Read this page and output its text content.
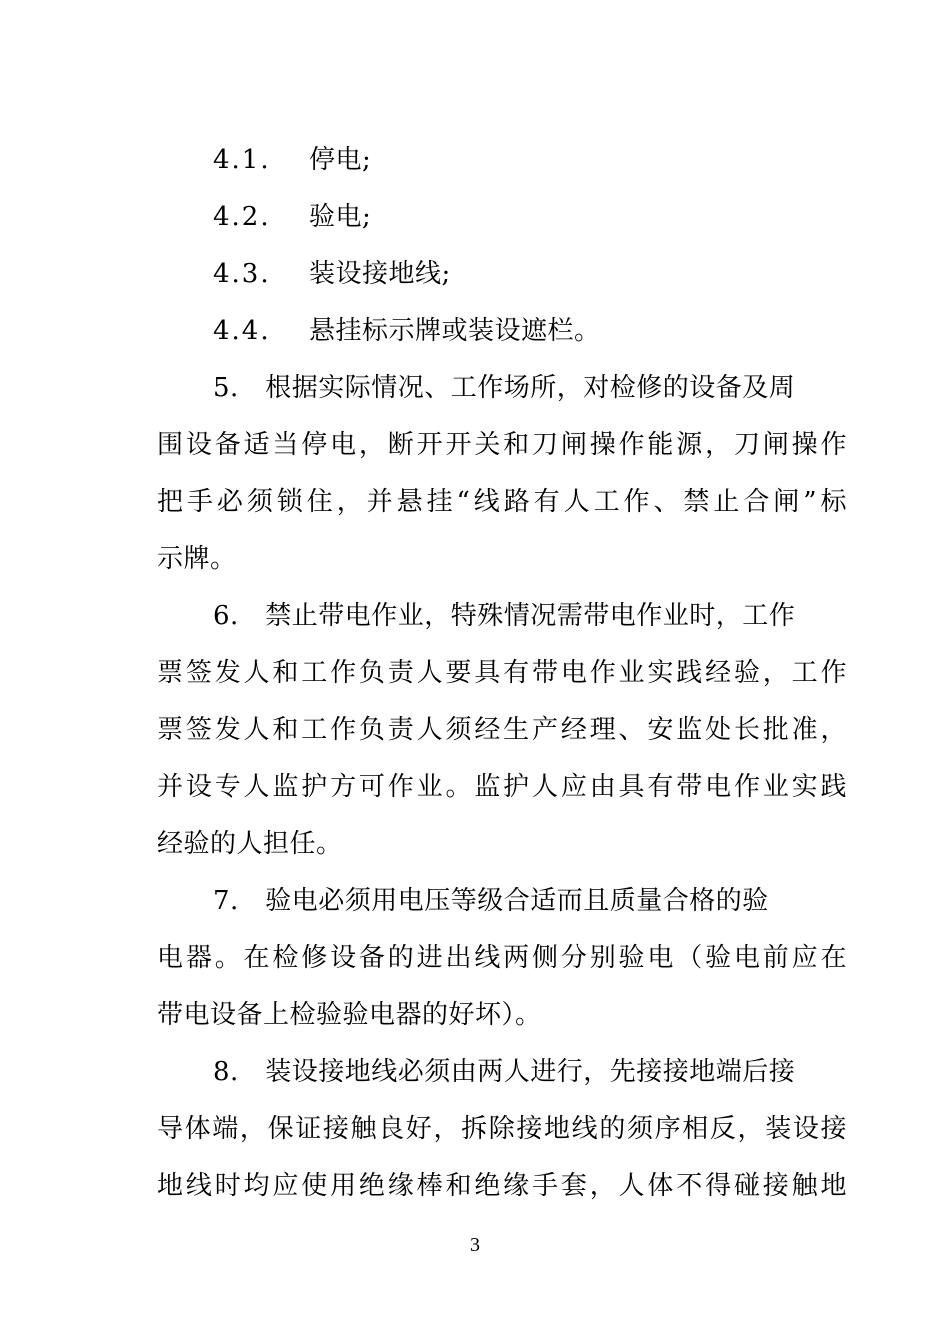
4.1. 停电;
4.2. 验电;
4.3. 装设接地线;
4.4. 悬挂标示牌或装设遮栏。
5.　根据实际情况、工作场所，对检修的设备及周
围设备适当停电，断开开关和刀闸操作能源，刀闸操作
把手必须锁住，并悬挂“线路有人工作、禁止合闸”标
示牌。
6.　禁止带电作业，特殊情况需带电作业时，工作
票签发人和工作负责人要具有带电作业实践经验，工作
票签发人和工作负责人须经生产经理、安监处长批准，
并设专人监护方可作业。监护人应由具有带电作业实践
经验的人担任。
7.　验电必须用电压等级合适而且质量合格的验
电器。在检修设备的进出线两侧分别验电（验电前应在
带电设备上检验验电器的好坏）。
8.　装设接地线必须由两人进行，先接接地端后接
导体端，保证接触良好，拆除接地线的须序相反，装设接
地线时均应使用绝缘棒和绝缘手套，人体不得碰接触地
3
